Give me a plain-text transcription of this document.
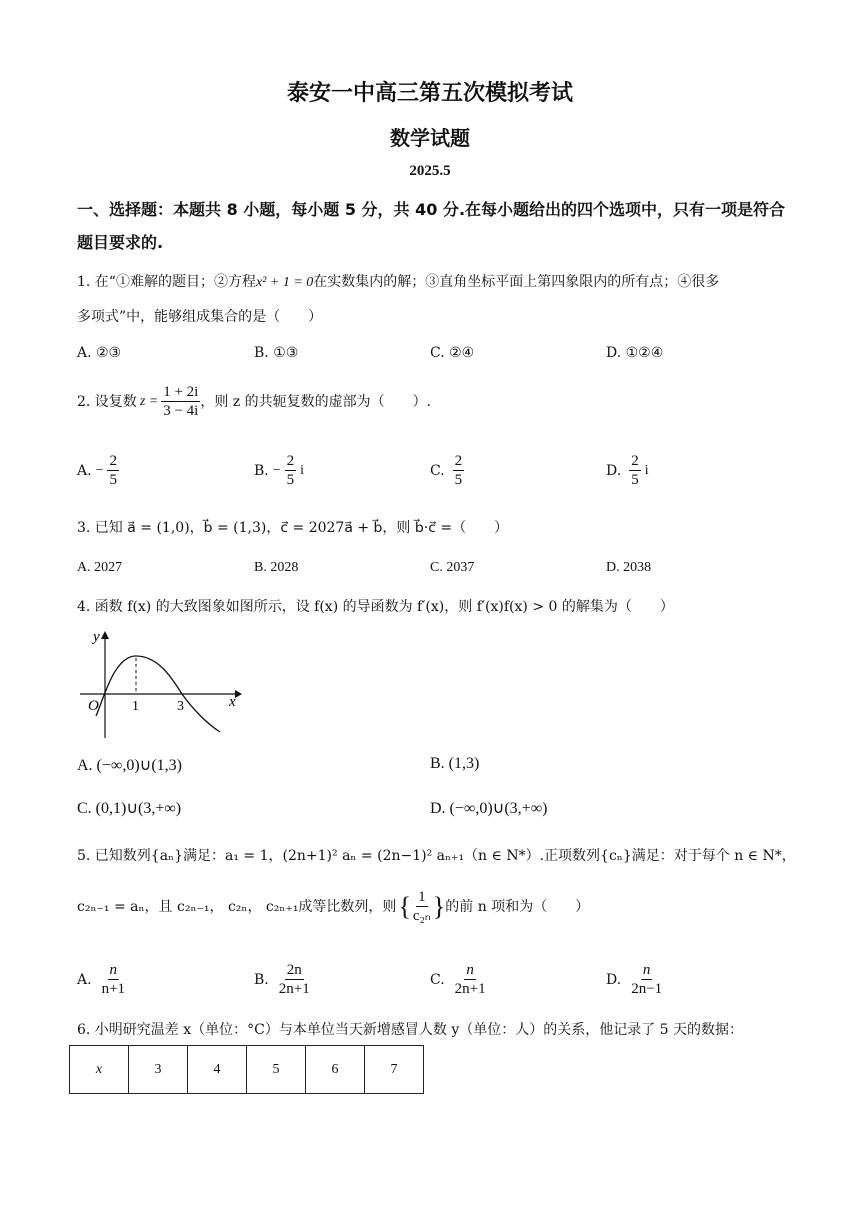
泰安一中高三第五次模拟考试
数学试题
2025.5
一、选择题：本题共 8 小题，每小题 5 分，共 40 分.在每小题给出的四个选项中，只有一项是符合题目要求的.
1. 在“①难解的题目；②方程x² + 1 = 0在实数集内的解；③直角坐标平面上第四象限内的所有点；④很多
多项式”中，能够组成集合的是（　　）
A. ②③	B. ①③	C. ②④	D. ①②④
2. 设复数 $z = \frac{1 + 2i}{3 - 4i}$ ，则 z 的共轭复数的虚部为（　　）.
A. − $\frac{2}{5}$	B. − $\frac{2}{5}$ i	C. $\frac{2}{5}$	D. $\frac{2}{5}$ i
3. 已知 a⃗ = (1,0)，b⃗ = (1,3)，c⃗ = 2027a⃗ + b⃗，则 b⃗·c⃗ =（　　）
A. 2027	B. 2028	C. 2037	D. 2038
4. 函数 f(x) 的大致图象如图所示，设 f(x) 的导函数为 f′(x)，则 f′(x)f(x) > 0 的解集为（　　）
y
x
O 1	3
A. (−∞,0)∪(1,3)	B. (1,3)
C. (0,1)∪(3,+∞)	D. (−∞,0)∪(3,+∞)
5. 已知数列{aₙ}满足：a₁ = 1，(2n+1)² aₙ = (2n−1)² aₙ₊₁（n ∈ N*）.正项数列{cₙ}满足：对于每个 n ∈ N*，
c₂ₙ₋₁ = aₙ，且 c₂ₙ₋₁， c₂ₙ， c₂ₙ₊₁成等比数列，则 { $\frac{1}{\text{c₂ₙ}}$ } 的前 n 项和为（　　）
A. $\frac{n}{n+1}$	B. $\frac{2n}{2n+1}$	C. $\frac{n}{2n+1}$	D. $\frac{n}{2n-1}$
6. 小明研究温差 x（单位：°C）与本单位当天新增感冒人数 y（单位：人）的关系，他记录了 5 天的数据：
x	3	4	5	6	7
